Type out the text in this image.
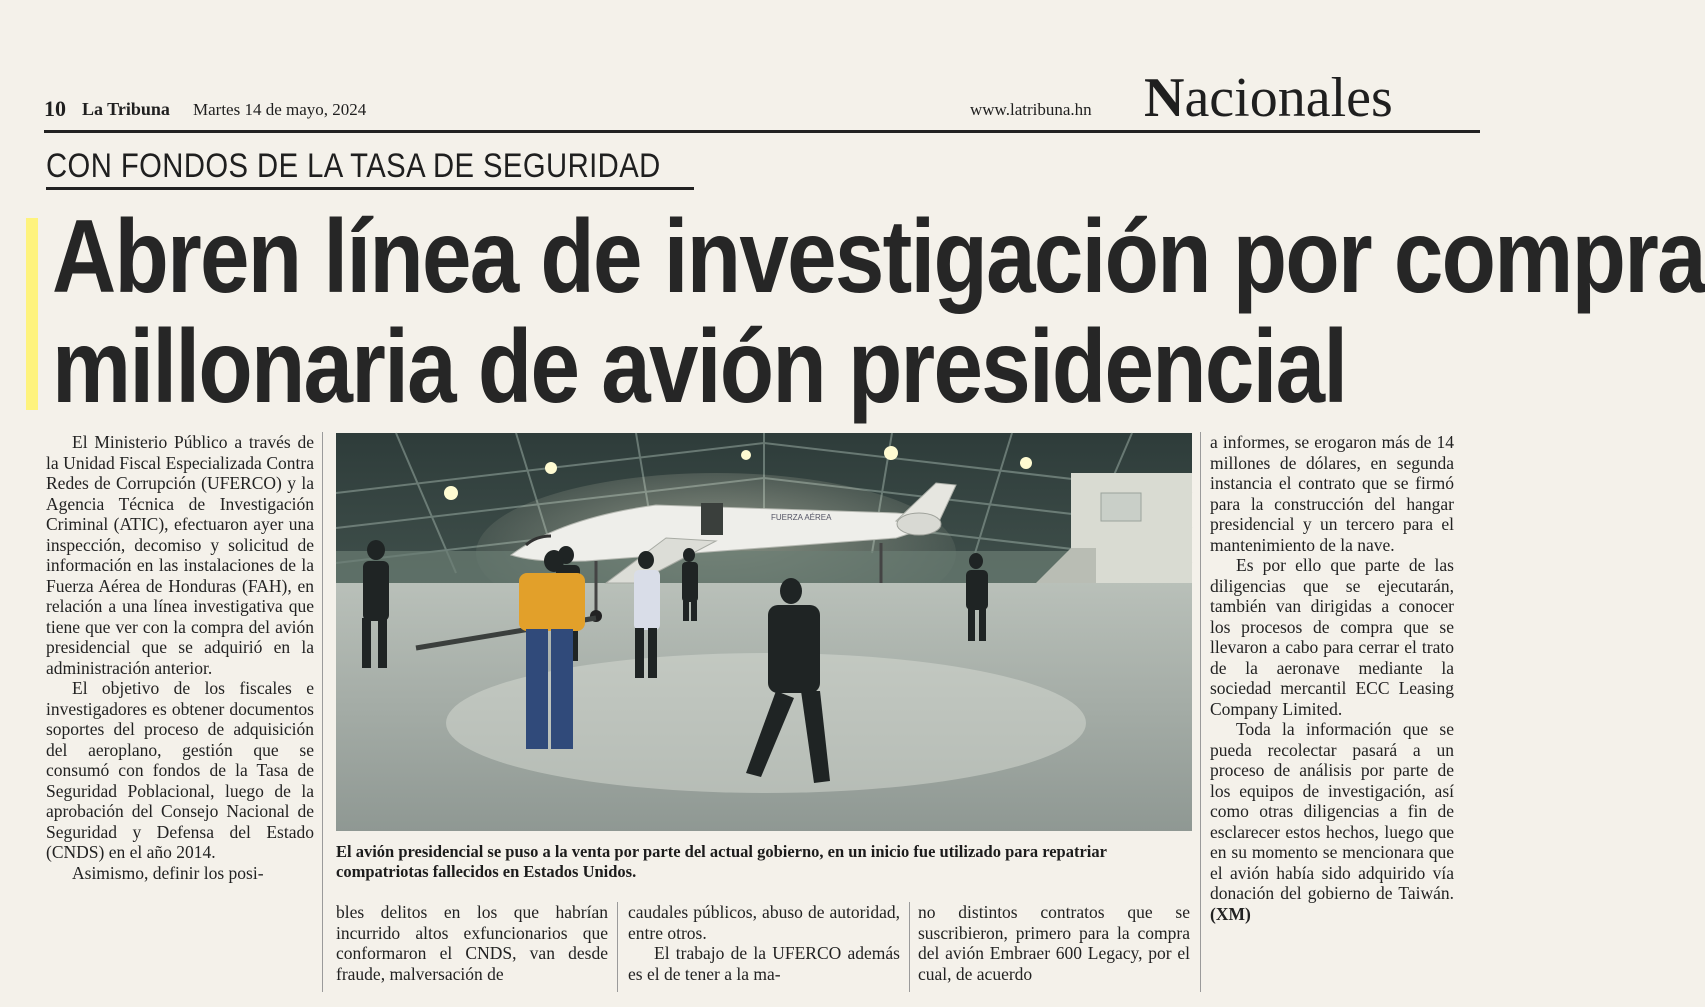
10 La Tribuna Martes 14 de mayo, 2024	www.latribuna.hn Nacionales
CON FONDOS DE LA TASA DE SEGURIDAD
Abren línea de investigación por compra
millonaria de avión presidencial

El Ministerio Público a través de la Unidad Fiscal Especializada Contra Redes de Corrupción (UFERCO) y la Agencia Técnica de Investigación Criminal (ATIC), efectuaron ayer una inspección, decomiso y solicitud de información en las instalaciones de la Fuerza Aérea de Honduras (FAH), en relación a una línea investigativa que tiene que ver con la compra del avión presidencial que se adquirió en la administración anterior.

El objetivo de los fiscales e investigadores es obtener documentos soportes del proceso de adquisición del aeroplano, gestión que se consumó con fondos de la Tasa de Seguridad Poblacional, luego de la aprobación del Consejo Nacional de Seguridad y Defensa del Estado (CNDS) en el año 2014.

Asimismo, definir los posi-

FUERZA AÉREA
El avión presidencial se puso a la venta por parte del actual gobierno, en un inicio fue utilizado para repatriar compatriotas fallecidos en Estados Unidos.

bles delitos en los que habrían incurrido altos exfuncionarios que conformaron el CNDS, van desde fraude, malversación de

caudales públicos, abuso de autoridad, entre otros.

El trabajo de la UFERCO además es el de tener a la ma-

no distintos contratos que se suscribieron, primero para la compra del avión Embraer 600 Legacy, por el cual, de acuerdo

a informes, se erogaron más de 14 millones de dólares, en segunda instancia el contrato que se firmó para la construcción del hangar presidencial y un tercero para el mantenimiento de la nave.

Es por ello que parte de las diligencias que se ejecutarán, también van dirigidas a conocer los procesos de compra que se llevaron a cabo para cerrar el trato de la aeronave mediante la sociedad mercantil ECC Leasing Company Limited.

Toda la información que se pueda recolectar pasará a un proceso de análisis por parte de los equipos de investigación, así como otras diligencias a fin de esclarecer estos hechos, luego que en su momento se mencionara que el avión había sido adquirido vía donación del gobierno de Taiwán. (XM)
